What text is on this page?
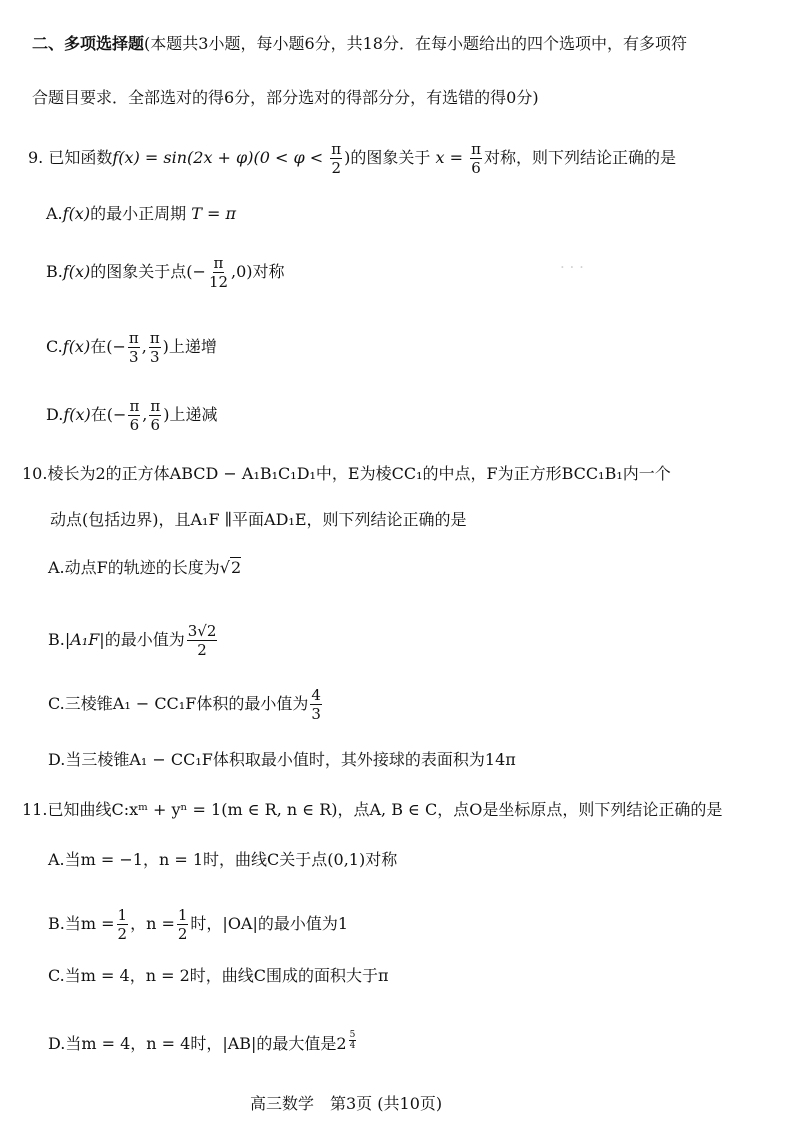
· · ·
二、多项选择题(本题共3小题，每小题6分，共18分．在每小题给出的四个选项中，有多项符
合题目要求．全部选对的得6分，部分选对的得部分分，有选错的得0分)
9. 已知函数$f(x) = \sin(2x + \varphi)(0 < \varphi < \frac{\pi}{2}$ )的图象关于 $x = \frac{\pi}{6}$ 对称，则下列结论正确的是
A.f(x)的最小正周期 T = π
B.f(x)的图象关于点(− $\frac{\pi}{12} ,0$)对称
C.f(x)在(− $\frac{\pi}{3}$ , $\frac{\pi}{3}$ )上递增
D.f(x)在(− $\frac{\pi}{6}$ , $\frac{\pi}{6}$ )上递减
10.棱长为2的正方体ABCD − A₁B₁C₁D₁中，E为棱CC₁的中点，F为正方形BCC₁B₁内一个
动点(包括边界)，且A₁F ∥平面AD₁E，则下列结论正确的是
A.动点F的轨迹的长度为√2
B.|A₁F|的最小值为 $\frac{3√2}{2}$
C.三棱锥A₁ − CC₁F体积的最小值为 $\frac{4}{3}$
D.当三棱锥A₁ − CC₁F体积取最小值时，其外接球的表面积为14π
11.已知曲线C:xᵐ + yⁿ = 1(m ∈ R, n ∈ R)，点A, B ∈ C，点O是坐标原点，则下列结论正确的是
A.当m = −1，n = 1时，曲线C关于点(0,1)对称
B.当$m = \frac{1}{2}$ ，$n = \frac{1}{2}$ 时，|OA|的最小值为1
C.当m = 4，n = 2时，曲线C围成的面积大于π
D.当m = 4，n = 4时，|AB|的最大值是$2 \frac{5}{4}$
高三数学　第3页 (共10页)
